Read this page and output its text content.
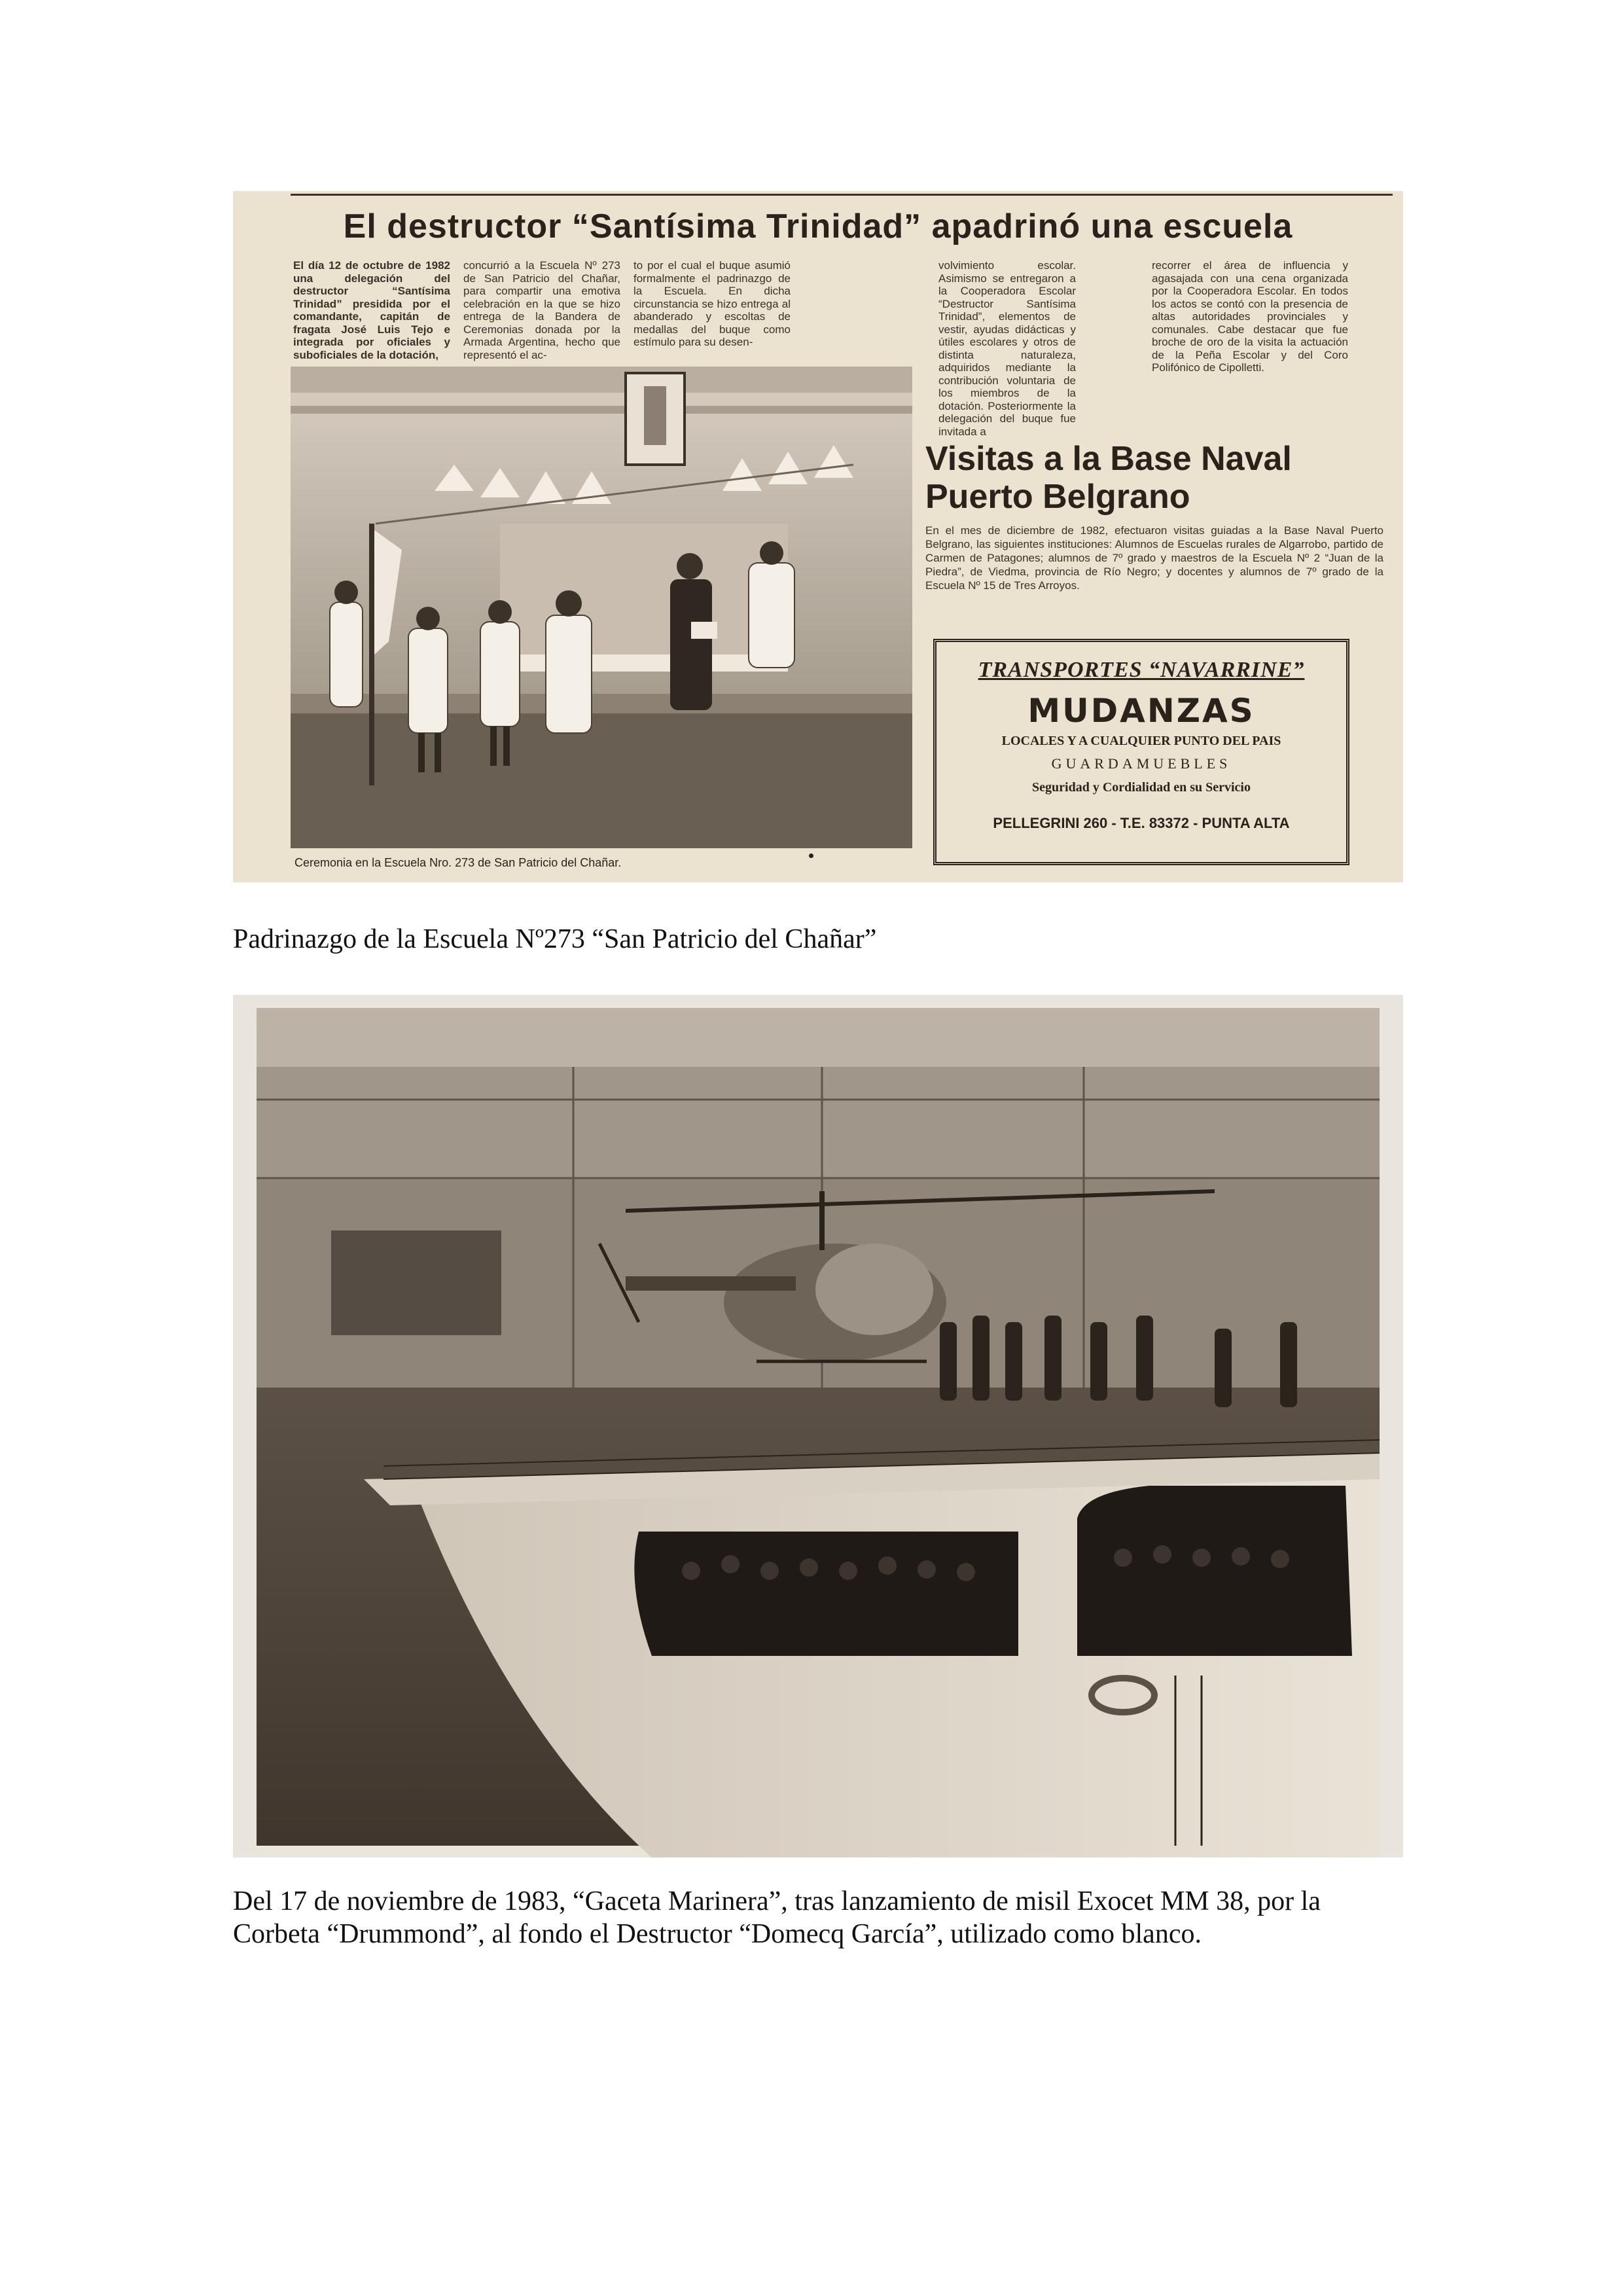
El destructor “Santísima Trinidad” apadrinó una escuela
El día 12 de octubre de 1982 una delegación del destructor “Santísima Trinidad” presidida por el comandante, capitán de fragata José Luis Tejo e integrada por oficiales y suboficiales de la dotación,
concurrió a la Escuela Nº 273 de San Patricio del Chañar, para compartir una emotiva celebración en la que se hizo entrega de la Bandera de Ceremonias donada por la Armada Argentina, hecho que representó el ac-
to por el cual el buque asumió formalmente el padrinazgo de la Escuela. En dicha circunstancia se hizo entrega al abanderado y escoltas de medallas del buque como estímulo para su desen-
volvimiento escolar. Asimismo se entregaron a la Cooperadora Escolar “Destructor Santísima Trinidad”, elementos de vestir, ayudas didácticas y útiles escolares y otros de distinta naturaleza, adquiridos mediante la contribución voluntaria de los miembros de la dotación. Posteriormente la delegación del buque fue invitada a
recorrer el área de influencia y agasajada con una cena organizada por la Cooperadora Escolar. En todos los actos se contó con la presencia de altas autoridades provinciales y comunales. Cabe destacar que fue broche de oro de la visita la actuación de la Peña Escolar y del Coro Polifónico de Cipolletti.
Ceremonia en la Escuela Nro. 273 de San Patricio del Chañar.
Visitas a la Base Naval Puerto Belgrano
En el mes de diciembre de 1982, efectuaron visitas guiadas a la Base Naval Puerto Belgrano, las siguientes instituciones: Alumnos de Escuelas rurales de Algarrobo, partido de Carmen de Patagones; alumnos de 7º grado y maestros de la Escuela Nº 2 “Juan de la Piedra”, de Viedma, provincia de Río Negro; y docentes y alumnos de 7º grado de la Escuela Nº 15 de Tres Arroyos.
TRANSPORTES “NAVARRINE”
MUDANZAS
LOCALES Y A CUALQUIER PUNTO DEL PAIS
GUARDAMUEBLES
Seguridad y Cordialidad en su Servicio
PELLEGRINI 260 - T.E. 83372 - PUNTA ALTA
Padrinazgo de la Escuela Nº273 “San Patricio del Chañar”
Del 17 de noviembre de 1983, “Gaceta Marinera”, tras lanzamiento de misil Exocet MM 38, por la Corbeta “Drummond”, al fondo el Destructor “Domecq García”, utilizado como blanco.
